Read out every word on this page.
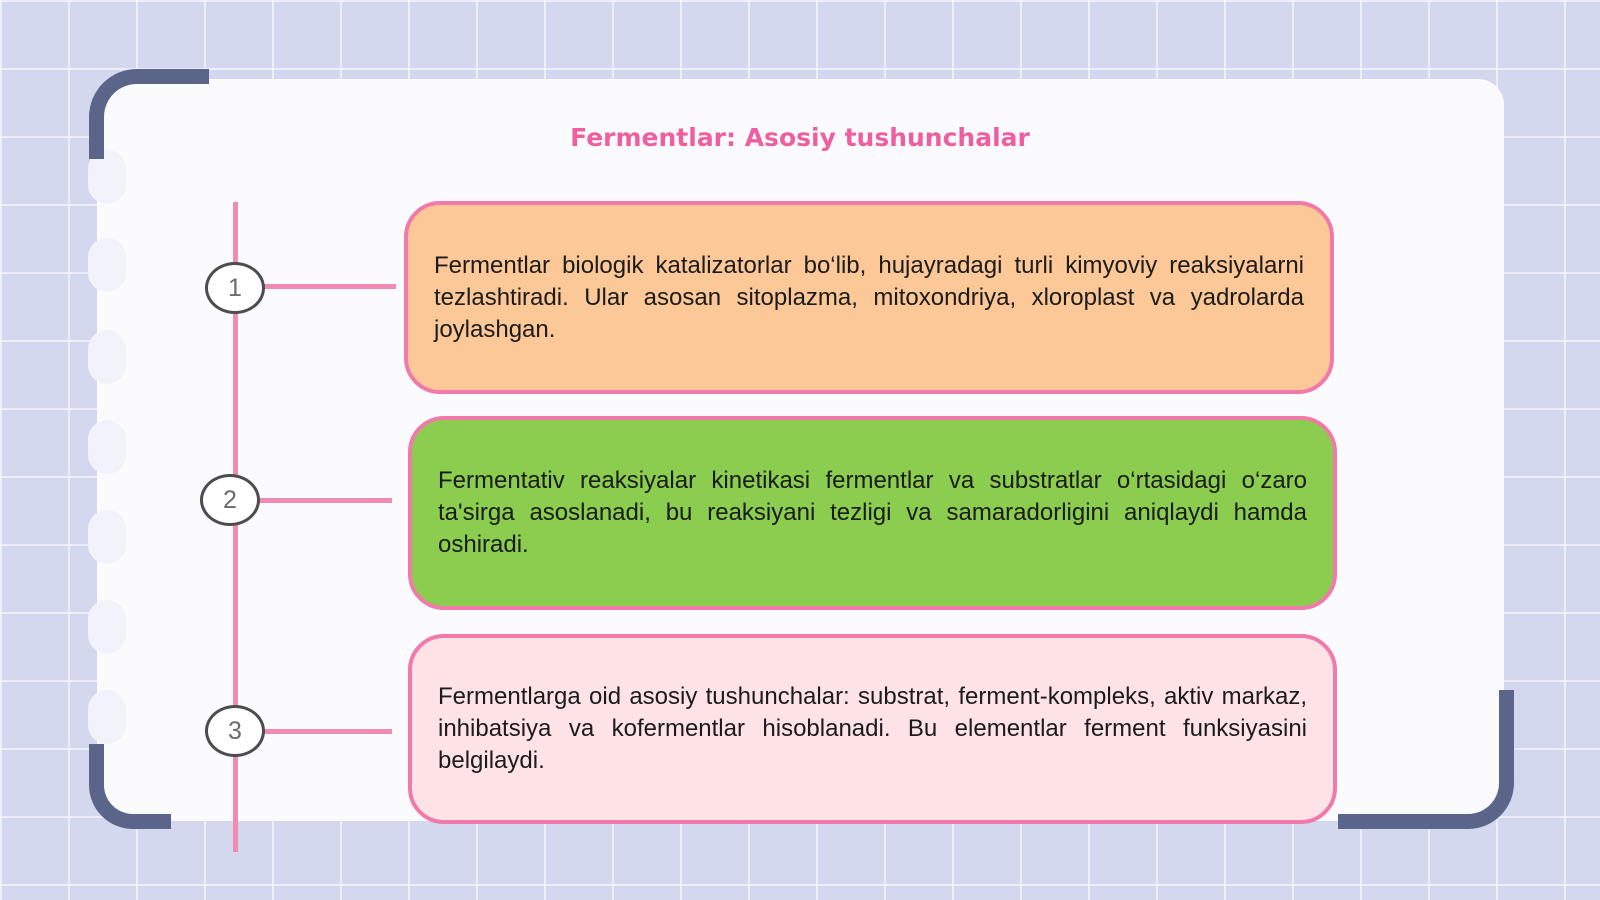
Fermentlar: Asosiy tushunchalar
1
2
3

Fermentlar biologik katalizatorlar bo‘lib, hujayradagi turli kimyoviy reaksiyalarni tezlashtiradi. Ular asosan sitoplazma, mitoxondriya, xloroplast va yadrolarda joylashgan.

Fermentativ reaksiyalar kinetikasi fermentlar va substratlar o‘rtasidagi o‘zaro ta'sirga asoslanadi, bu reaksiyani tezligi va samaradorligini aniqlaydi hamda oshiradi.

Fermentlarga oid asosiy tushunchalar: substrat, ferment-kompleks, aktiv markaz, inhibatsiya va kofermentlar hisoblanadi. Bu elementlar ferment funksiyasini belgilaydi.
